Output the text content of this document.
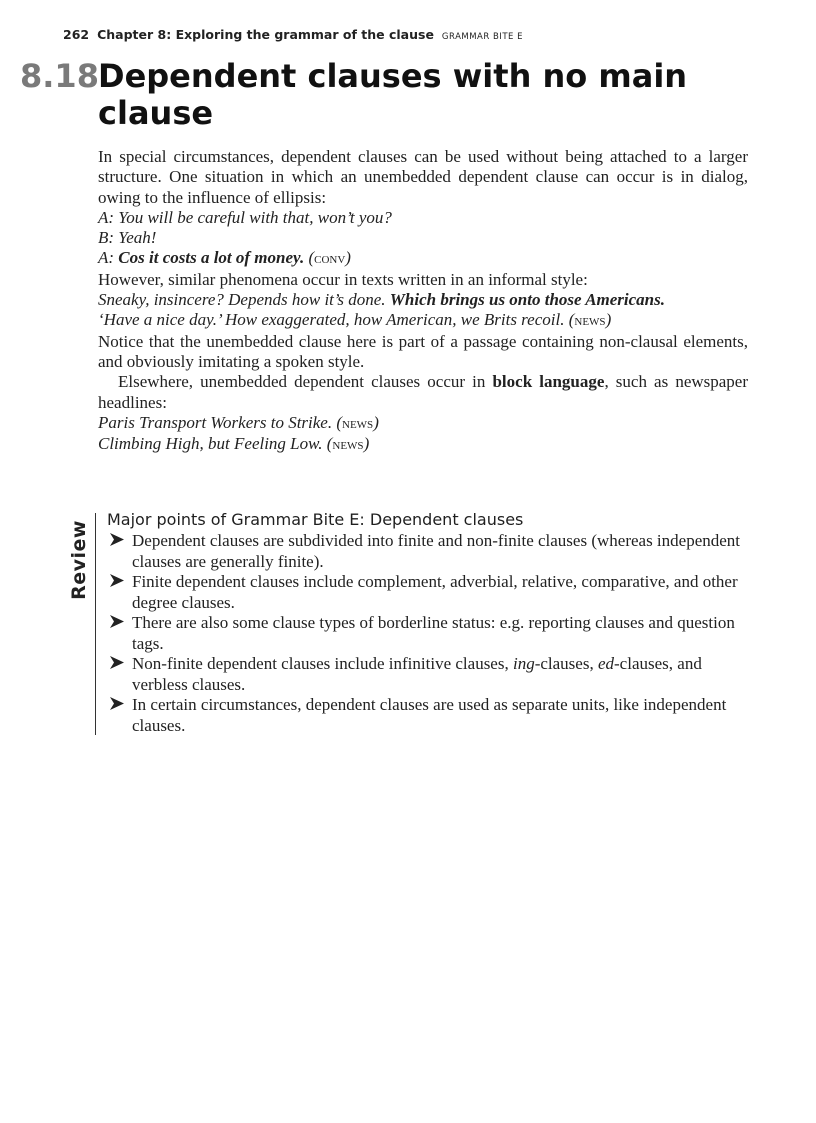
262 Chapter 8: Exploring the grammar of the clause GRAMMAR BITE E
8.18 Dependent clauses with no main
clause

In special circumstances, dependent clauses can be used without being attached to a larger structure. One situation in which an unembedded dependent clause can occur is in dialog, owing to the influence of ellipsis:

A: You will be careful with that, won’t you?

B: Yeah!

A: Cos it costs a lot of money. (conv)

However, similar phenomena occur in texts written in an informal style:

Sneaky, insincere? Depends how it’s done. Which brings us onto those Americans. ‘Have a nice day.’ How exaggerated, how American, we Brits recoil. (news)

Notice that the unembedded clause here is part of a passage containing non-clausal elements, and obviously imitating a spoken style.

Elsewhere, unembedded dependent clauses occur in block language, such as newspaper headlines:

Paris Transport Workers to Strike. (news)

Climbing High, but Feeling Low. (news)

Review
Major points of Grammar Bite E: Dependent clauses
Dependent clauses are subdivided into finite and non-finite clauses (whereas independent clauses are generally finite).
Finite dependent clauses include complement, adverbial, relative, comparative, and other degree clauses.
There are also some clause types of borderline status: e.g. reporting clauses and question tags.
Non-finite dependent clauses include infinitive clauses, ing-clauses, ed-clauses, and verbless clauses.
In certain circumstances, dependent clauses are used as separate units, like independent clauses.
